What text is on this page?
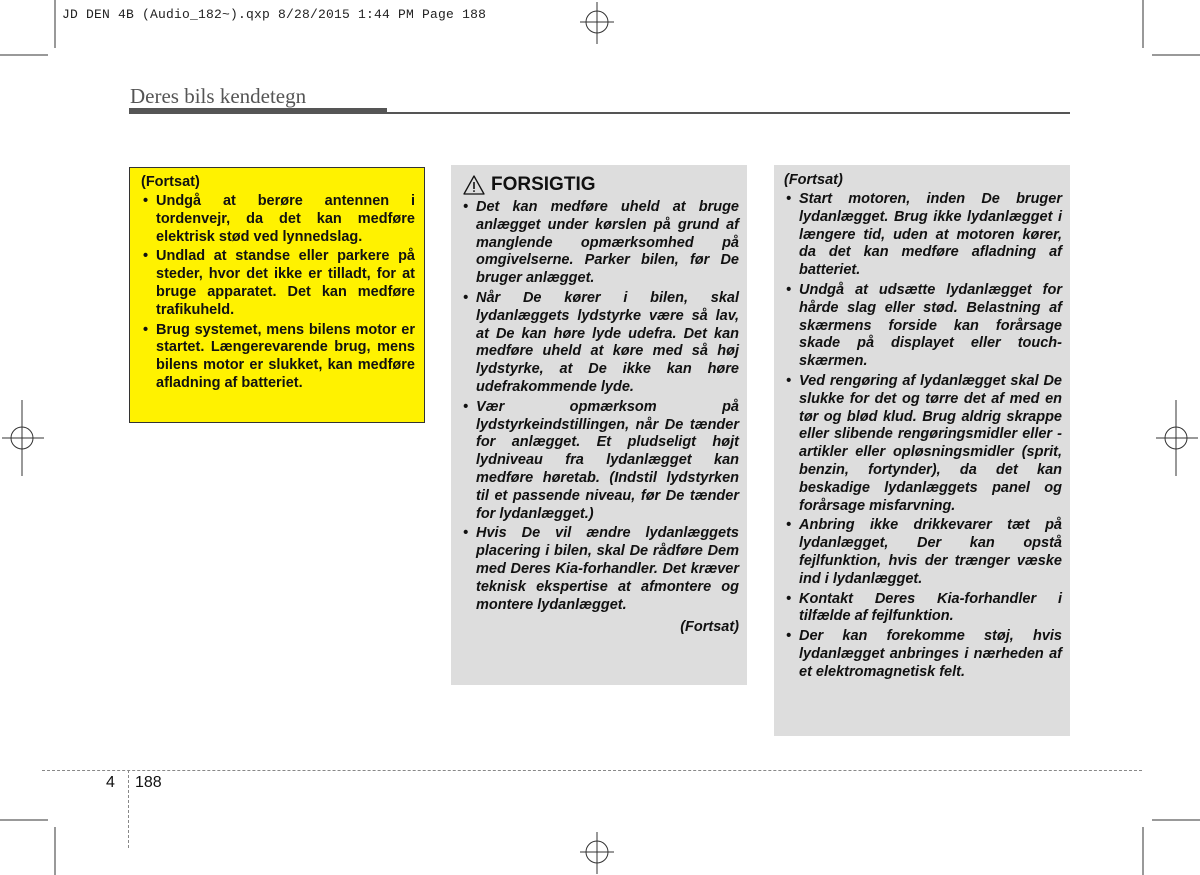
JD DEN 4B (Audio_182~).qxp 8/28/2015 1:44 PM Page 188
Deres bils kendetegn
(Fortsat)
• Undgå at berøre antennen i tordenvejr, da det kan medføre elektrisk stød ved lynnedslag.
• Undlad at standse eller parkere på steder, hvor det ikke er tilladt, for at bruge apparatet. Det kan medføre trafikuheld.
• Brug systemet, mens bilens motor er startet. Længerevarende brug, mens bilens motor er slukket, kan medføre afladning af batteriet.
FORSIGTIG
• Det kan medføre uheld at bruge anlægget under kørslen på grund af manglende opmærksomhed på omgivelserne. Parker bilen, før De bruger anlægget.
• Når De kører i bilen, skal lydanlæggets lydstyrke være så lav, at De kan høre lyde udefra. Det kan medføre uheld at køre med så høj lydstyrke, at De ikke kan høre udefrakommende lyde.
• Vær opmærksom på lydstyrkeindstillingen, når De tænder for anlægget. Et pludseligt højt lydniveau fra lydanlægget kan medføre høretab. (Indstil lydstyrken til et passende niveau, før De tænder for lydanlægget.)
• Hvis De vil ændre lydanlæggets placering i bilen, skal De rådføre Dem med Deres Kia-forhandler. Det kræver teknisk ekspertise at afmontere og montere lydanlægget.
(Fortsat)
(Fortsat)
• Start motoren, inden De bruger lydanlægget. Brug ikke lydanlægget i længere tid, uden at motoren kører, da det kan medføre afladning af batteriet.
• Undgå at udsætte lydanlægget for hårde slag eller stød. Belastning af skærmens forside kan forårsage skade på displayet eller touch-skærmen.
• Ved rengøring af lydanlægget skal De slukke for det og tørre det af med en tør og blød klud. Brug aldrig skrappe eller slibende rengøringsmidler eller -artikler eller opløsningsmidler (sprit, benzin, fortynder), da det kan beskadige lydanlæggets panel og forårsage misfarvning.
• Anbring ikke drikkevarer tæt på lydanlægget, Der kan opstå fejlfunktion, hvis der trænger væske ind i lydanlægget.
• Kontakt Deres Kia-forhandler i tilfælde af fejlfunktion.
• Der kan forekomme støj, hvis lydanlægget anbringes i nærheden af et elektromagnetisk felt.
4 188
